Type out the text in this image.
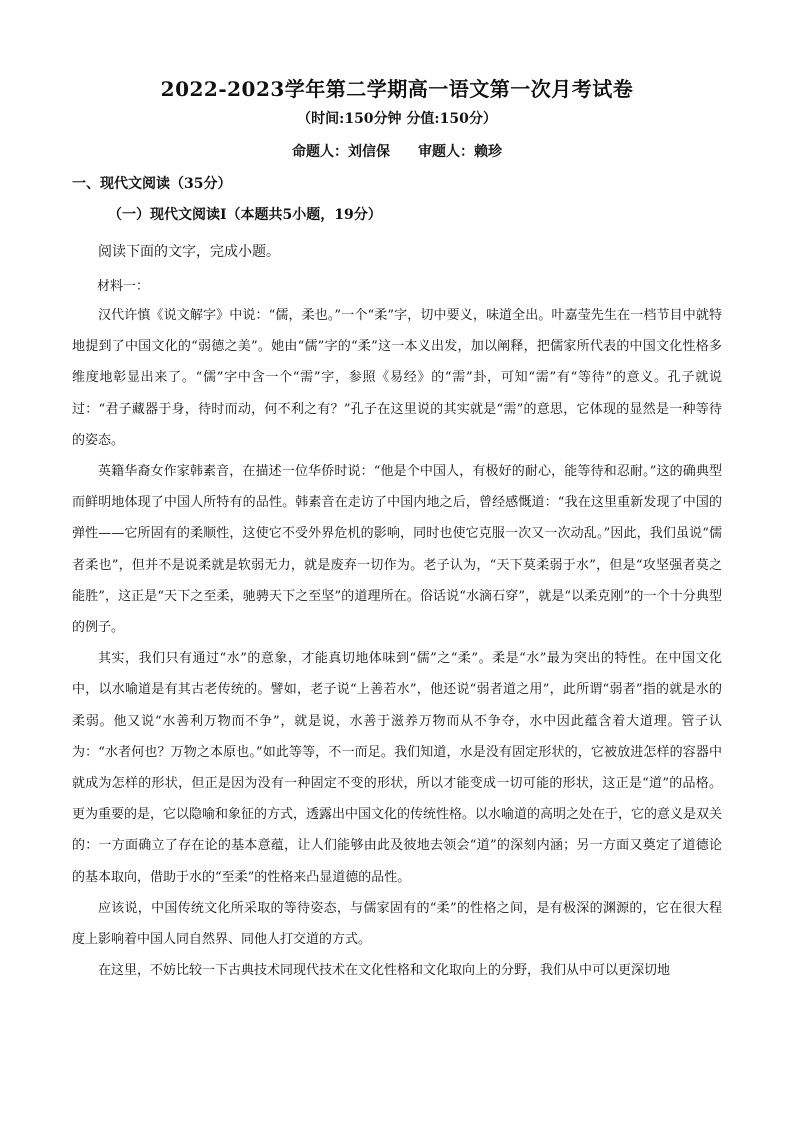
2022-2023学年第二学期高一语文第一次月考试卷
（时间:150分钟 分值:150分）
命题人：刘信保 审题人：赖珍
一、现代文阅读（35分）
（一）现代文阅读Ⅰ（本题共5小题，19分）
阅读下面的文字，完成小题。
材料一：

汉代许慎《说文解字》中说：“儒，柔也。”一个“柔”字，切中要义，味道全出。叶嘉莹先生在一档节目中就特地提到了中国文化的“弱德之美”。她由“儒”字的“柔”这一本义出发，加以阐释，把儒家所代表的中国文化性格多维度地彰显出来了。“儒”字中含一个“需”字，参照《易经》的“需”卦，可知“需”有“等待”的意义。孔子就说过：“君子藏器于身，待时而动，何不利之有？”孔子在这里说的其实就是“需”的意思，它体现的显然是一种等待的姿态。

英籍华裔女作家韩素音，在描述一位华侨时说：“他是个中国人，有极好的耐心，能等待和忍耐。”这的确典型而鲜明地体现了中国人所特有的品性。韩素音在走访了中国内地之后，曾经感慨道：“我在这里重新发现了中国的弹性——它所固有的柔顺性，这使它不受外界危机的影响，同时也使它克服一次又一次动乱。”因此，我们虽说“儒者柔也”，但并不是说柔就是软弱无力，就是废弃一切作为。老子认为，“天下莫柔弱于水”，但是“攻坚强者莫之能胜”，这正是“天下之至柔，驰骋天下之至坚”的道理所在。俗话说“水滴石穿”，就是“以柔克刚”的一个十分典型的例子。

其实，我们只有通过“水”的意象，才能真切地体味到“儒”之“柔”。柔是“水”最为突出的特性。在中国文化中，以水喻道是有其古老传统的。譬如，老子说“上善若水”，他还说“弱者道之用”，此所谓“弱者”指的就是水的柔弱。他又说“水善利万物而不争”，就是说，水善于滋养万物而从不争夺，水中因此蕴含着大道理。管子认为：“水者何也？万物之本原也。”如此等等，不一而足。我们知道，水是没有固定形状的，它被放进怎样的容器中就成为怎样的形状，但正是因为没有一种固定不变的形状，所以才能变成一切可能的形状，这正是“道”的品格。更为重要的是，它以隐喻和象征的方式，透露出中国文化的传统性格。以水喻道的高明之处在于，它的意义是双关的：一方面确立了存在论的基本意蕴，让人们能够由此及彼地去领会“道”的深刻内涵；另一方面又奠定了道德论的基本取向，借助于水的“至柔”的性格来凸显道德的品性。

应该说，中国传统文化所采取的等待姿态，与儒家固有的“柔”的性格之间，是有极深的渊源的，它在很大程度上影响着中国人同自然界、同他人打交道的方式。

在这里，不妨比较一下古典技术同现代技术在文化性格和文化取向上的分野，我们从中可以更深切地
